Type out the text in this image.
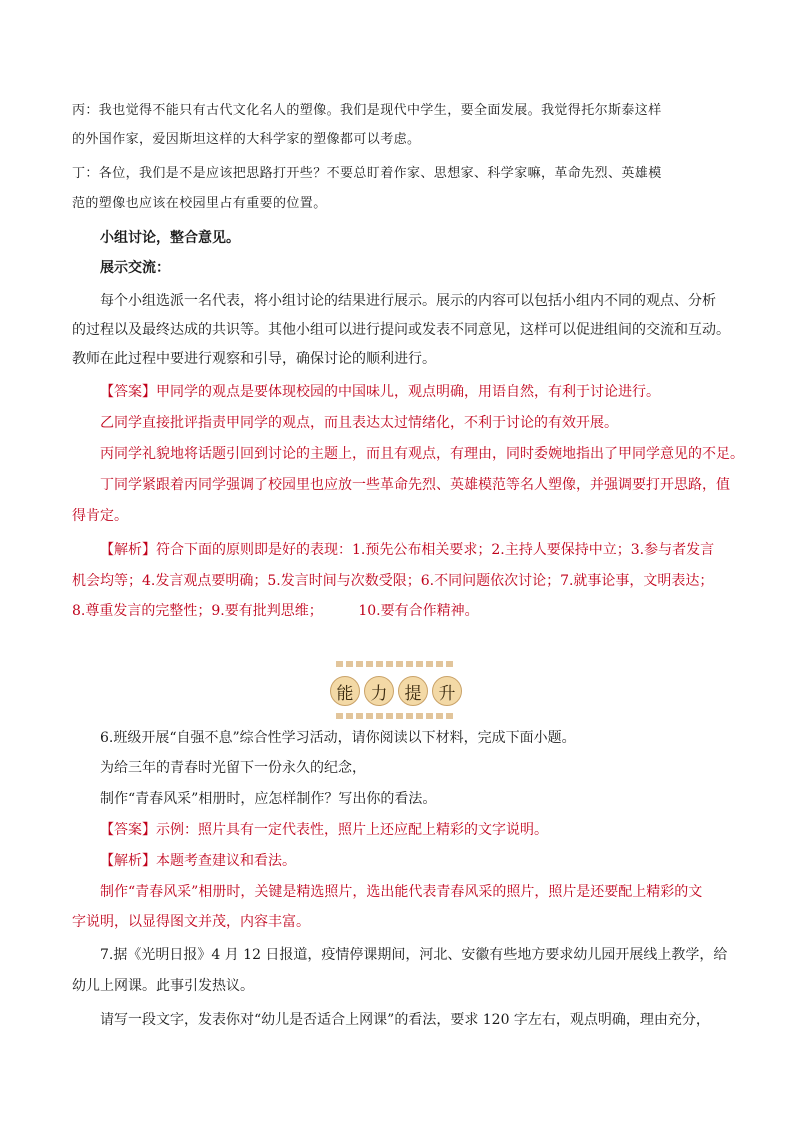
丙：我也觉得不能只有古代文化名人的塑像。我们是现代中学生，要全面发展。我觉得托尔斯泰这样
的外国作家，爱因斯坦这样的大科学家的塑像都可以考虑。
丁：各位，我们是不是应该把思路打开些？不要总盯着作家、思想家、科学家嘛，革命先烈、英雄模
范的塑像也应该在校园里占有重要的位置。
小组讨论，整合意见。
展示交流：
每个小组选派一名代表，将小组讨论的结果进行展示。展示的内容可以包括小组内不同的观点、分析
的过程以及最终达成的共识等。其他小组可以进行提问或发表不同意见，这样可以促进组间的交流和互动。
教师在此过程中要进行观察和引导，确保讨论的顺利进行。
【答案】甲同学的观点是要体现校园的中国味儿，观点明确，用语自然，有利于讨论进行。
乙同学直接批评指责甲同学的观点，而且表达太过情绪化，不利于讨论的有效开展。
丙同学礼貌地将话题引回到讨论的主题上，而且有观点，有理由，同时委婉地指出了甲同学意见的不足。
丁同学紧跟着丙同学强调了校园里也应放一些革命先烈、英雄模范等名人塑像，并强调要打开思路，值
得肯定。
【解析】符合下面的原则即是好的表现：1.预先公布相关要求；2.主持人要保持中立；3.参与者发言
机会均等；4.发言观点要明确；5.发言时间与次数受限；6.不同问题依次讨论；7.就事论事，文明表达；
8.尊重发言的完整性；9.要有批判思维；        10.要有合作精神。
能	力	提	升
6.班级开展“自强不息”综合性学习活动，请你阅读以下材料，完成下面小题。
为给三年的青春时光留下一份永久的纪念，
制作“青春风采”相册时，应怎样制作？写出你的看法。
【答案】示例：照片具有一定代表性，照片上还应配上精彩的文字说明。
【解析】本题考查建议和看法。
制作“青春风采”相册时，关键是精选照片，选出能代表青春风采的照片，照片是还要配上精彩的文
字说明，以显得图文并茂，内容丰富。
7.据《光明日报》4 月 12 日报道，疫情停课期间，河北、安徽有些地方要求幼儿园开展线上教学，给
幼儿上网课。此事引发热议。
请写一段文字，发表你对“幼儿是否适合上网课”的看法，要求 120 字左右，观点明确，理由充分，
